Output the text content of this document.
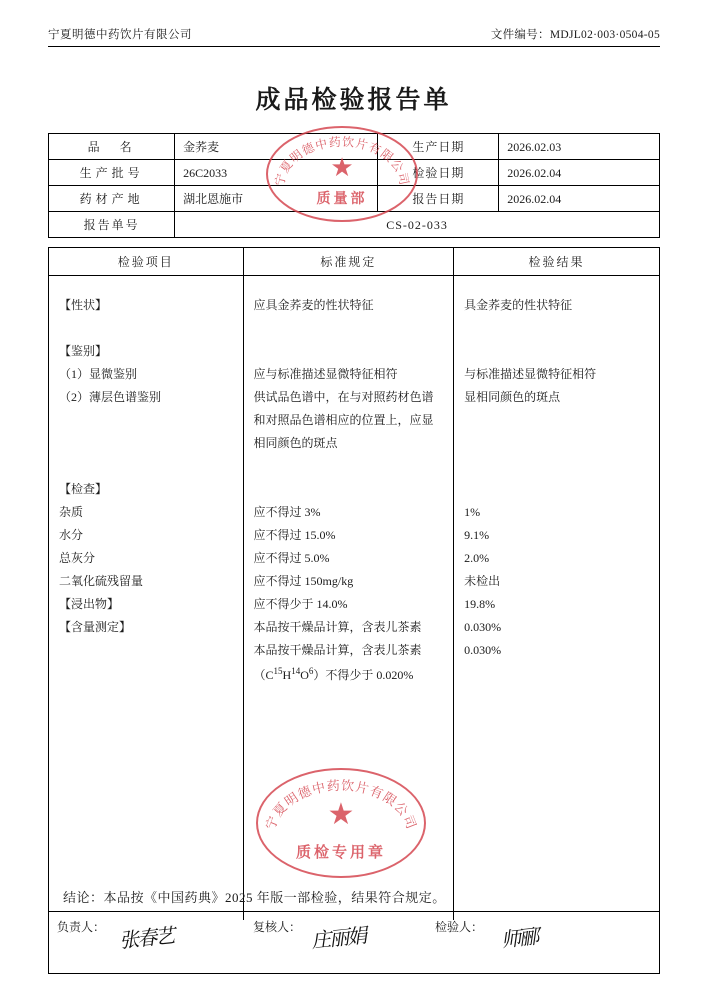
宁夏明德中药饮片有限公司	文件编号：MDJL02·003·0504-05
成品检验报告单
品　名	金荞麦	生产日期	2026.02.03
生产批号	26C2033	检验日期	2026.02.04
药材产地	湖北恩施市	报告日期	2026.02.04
报告单号	CS-02-033		
检验项目	标准规定	检验结果

【性状】	应具金荞麦的性状特征	具金荞麦的性状特征

【鉴别】		
（1）显微鉴别	应与标准描述显微特征相符	与标准描述显微特征相符
（2）薄层色谱鉴别	供试品色谱中，在与对照药材色谱	显相同颜色的斑点
	和对照品色谱相应的位置上，应显	
	相同颜色的斑点	

【检查】		
杂质	应不得过 3%	1%
水分	应不得过 15.0%	9.1%
总灰分	应不得过 5.0%	2.0%
二氧化硫残留量	应不得过 150mg/kg	未检出
【浸出物】	应不得少于 14.0%	19.8%
【含量测定】	本品按干燥品计算，含表儿茶素	0.030%
	本品按干燥品计算，含表儿茶素	0.030%
	$(C^{15}H^{14}O^6)$不得少于 0.020%	

结论：本品按《中国药典》2025 年版一部检验，结果符合规定。
负责人： 张春艺	复核人： 庄丽娟	检验人： 师郦
宁夏明德中药饮片有限公司
★
质量部
宁夏明德中药饮片有限公司
★
质检专用章
